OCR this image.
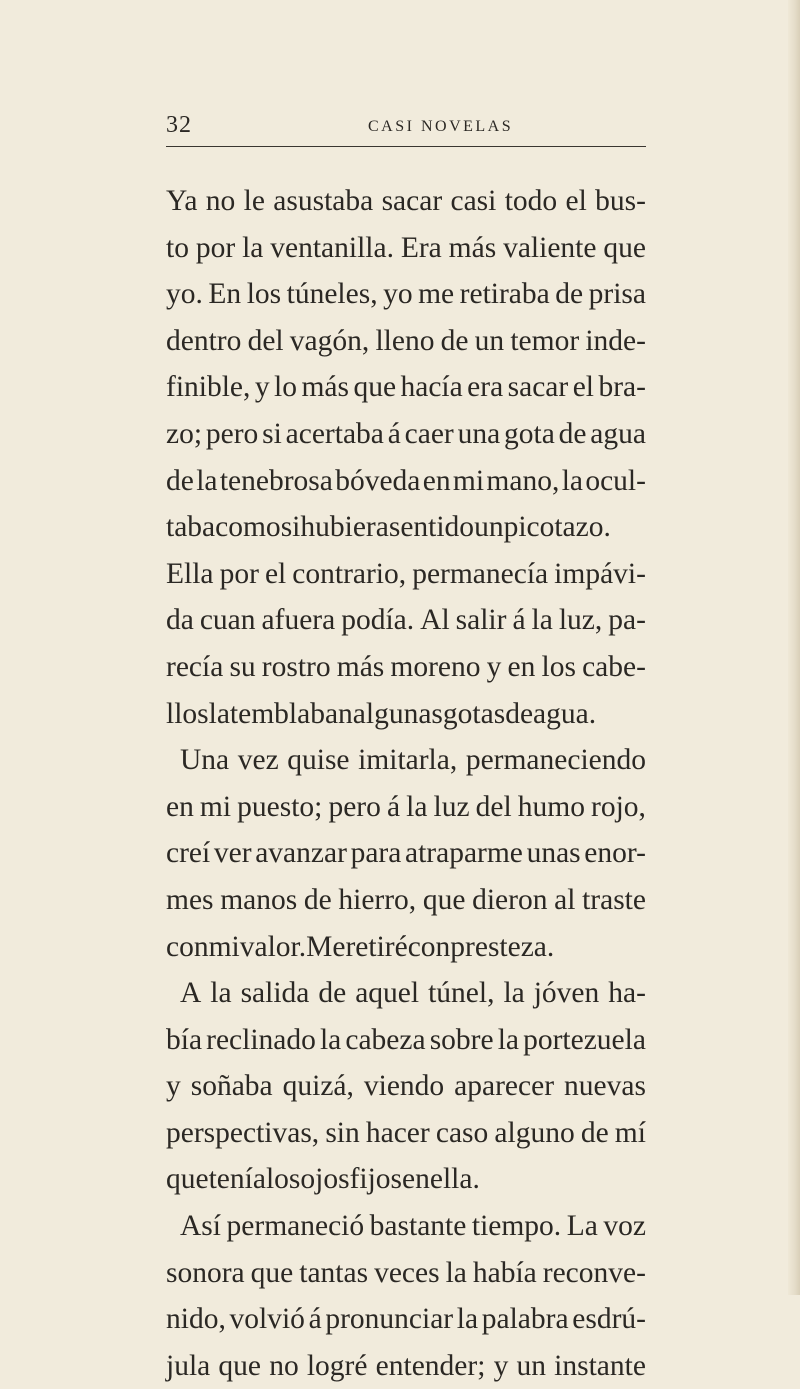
32	CASI NOVELAS
Ya no le asustaba sacar casi todo el bus-
to por la ventanilla. Era más valiente que
yo. En los túneles, yo me retiraba de prisa
dentro del vagón, lleno de un temor inde-
finible, y lo más que hacía era sacar el bra-
zo; pero si acertaba á caer una gota de agua
de la tenebrosa bóveda en mi mano, la ocul-
taba como si hubiera sentido un picotazo.
Ella por el contrario, permanecía impávi-
da cuan afuera podía. Al salir á la luz, pa-
recía su rostro más moreno y en los cabe-
llos la temblaban algunas gotas de agua.
Una vez quise imitarla, permaneciendo
en mi puesto; pero á la luz del humo rojo,
creí ver avanzar para atraparme unas enor-
mes manos de hierro, que dieron al traste
con mi valor. Me retiré con presteza.
A la salida de aquel túnel, la jóven ha-
bía reclinado la cabeza sobre la portezuela
y soñaba quizá, viendo aparecer nuevas
perspectivas, sin hacer caso alguno de mí
que tenía los ojos fijos en ella.
Así permaneció bastante tiempo. La voz
sonora que tantas veces la había reconve-
nido, volvió á pronunciar la palabra esdrú-
jula que no logré entender; y un instante
